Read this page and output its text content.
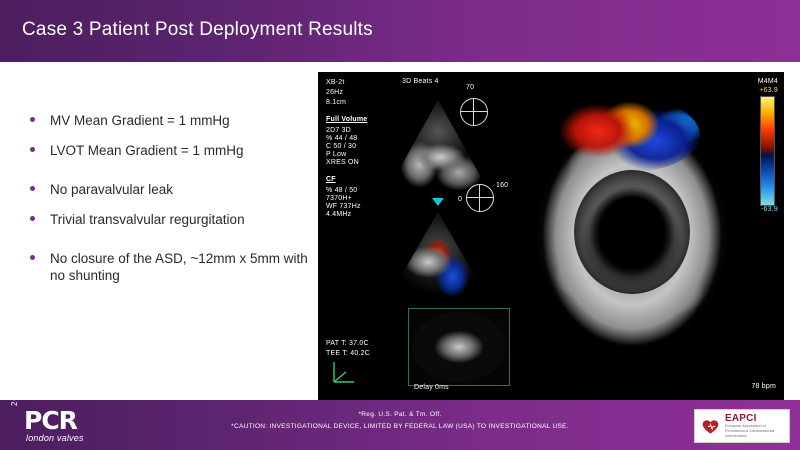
Case 3 Patient Post Deployment Results
MV Mean Gradient = 1 mmHg
LVOT Mean Gradient = 1 mmHg
No paravalvular leak
Trivial transvalvular regurgitation
No closure of the ASD, ~12mm x 5mm with no shunting
XB-2t
26Hz
8.1cm
3D Beats 4
Full Volume
2D7 3D
% 44 / 48
C 50 / 30
P Low
XRES ON
CF
% 48 / 50
7370H+
WF 737Hz
4.4MHz
70
0
160
M4M4
+63.9
-63.9
PAT T: 37.0C
TEE T: 40.2C
Delay 0ms	78 bpm
*Reg. U.S. Pat. & Tm. Off.
*CAUTION: INVESTIGATIONAL DEVICE, LIMITED BY FEDERAL LAW (USA) TO INVESTIGATIONAL USE.
2022
PCR
london valves
EAPCI
European Association of Percutaneous Cardiovascular Interventions
